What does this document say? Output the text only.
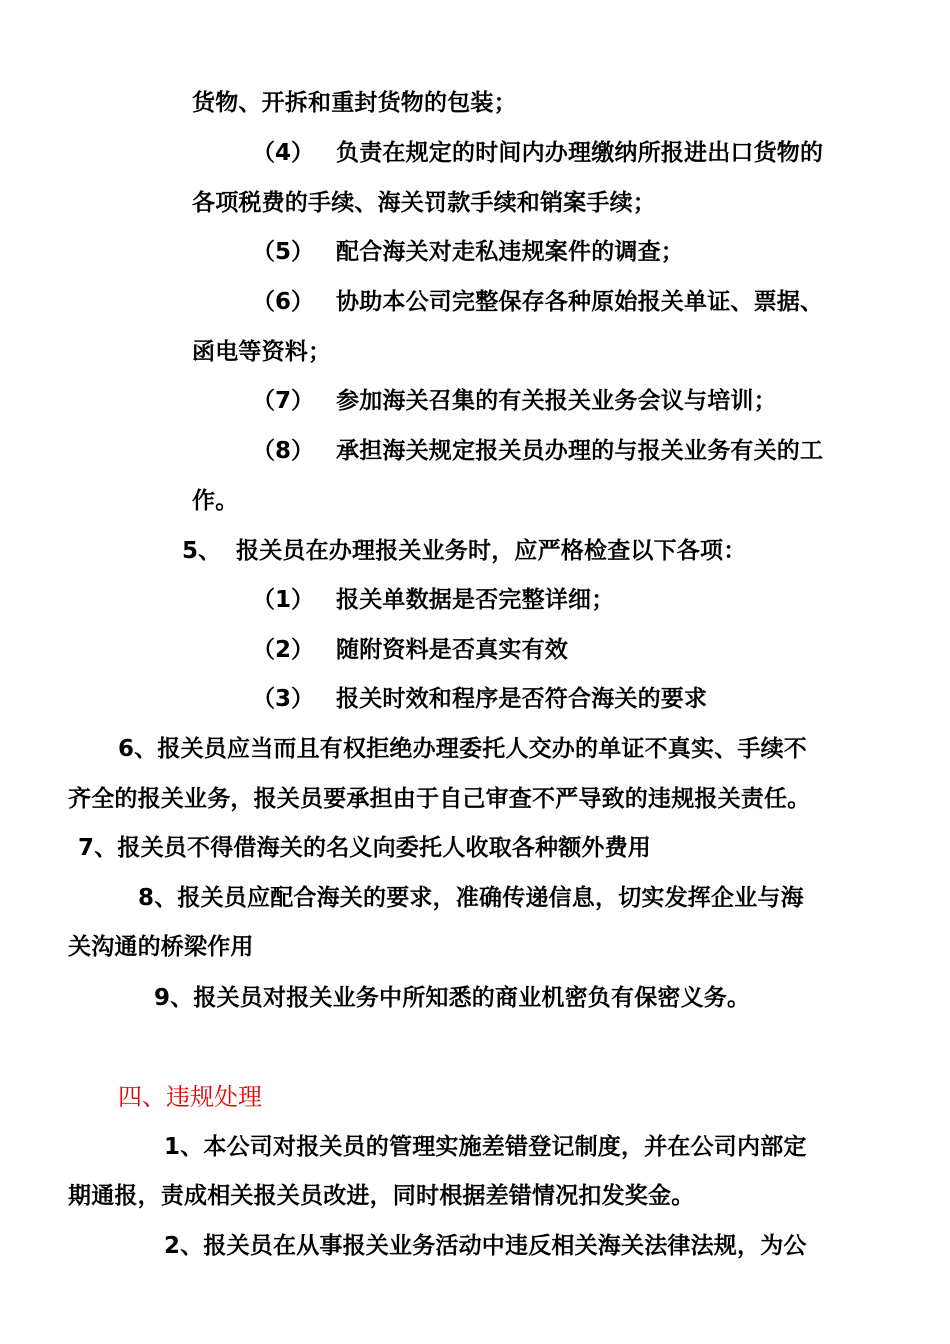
货物、开拆和重封货物的包装；
（4） 负责在规定的时间内办理缴纳所报进出口货物的
各项税费的手续、海关罚款手续和销案手续；
（5） 配合海关对走私违规案件的调查；
（6） 协助本公司完整保存各种原始报关单证、票据、
函电等资料；
（7） 参加海关召集的有关报关业务会议与培训；
（8） 承担海关规定报关员办理的与报关业务有关的工
作。
5、 报关员在办理报关业务时，应严格检查以下各项：
（1） 报关单数据是否完整详细；
（2） 随附资料是否真实有效
（3） 报关时效和程序是否符合海关的要求
6、报关员应当而且有权拒绝办理委托人交办的单证不真实、手续不
齐全的报关业务，报关员要承担由于自己审查不严导致的违规报关责任。
7、报关员不得借海关的名义向委托人收取各种额外费用
8、报关员应配合海关的要求，准确传递信息，切实发挥企业与海
关沟通的桥梁作用
9、报关员对报关业务中所知悉的商业机密负有保密义务。
四、违规处理
1、本公司对报关员的管理实施差错登记制度，并在公司内部定
期通报，责成相关报关员改进，同时根据差错情况扣发奖金。
2、报关员在从事报关业务活动中违反相关海关法律法规，为公
